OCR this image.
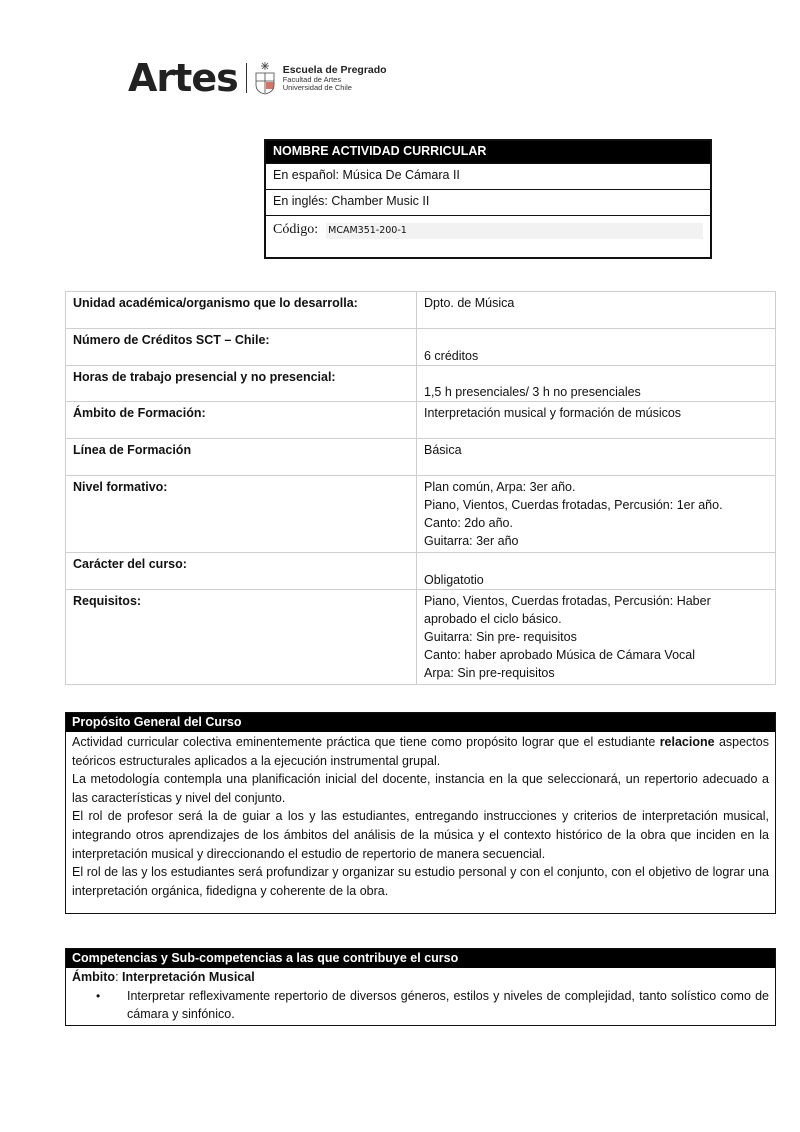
Artes	Escuela de Pregrado
Facultad de Artes
Universidad de Chile
NOMBRE ACTIVIDAD CURRICULAR
En español: Música De Cámara II
En inglés: Chamber Music II
Código: MCAM351-200-1
Unidad académica/organismo que lo desarrolla:	Dpto. de Música

Número de Créditos SCT – Chile:	6 créditos

Horas de trabajo presencial y no presencial:	1,5 h presenciales/ 3 h no presenciales

Ámbito de Formación:	Interpretación musical y formación de músicos

Línea de Formación	Básica

Nivel formativo:	Plan común, Arpa: 3er año.
Piano, Vientos, Cuerdas frotadas, Percusión: 1er año.
Canto: 2do año.
Guitarra: 3er año

Carácter del curso:	Obligatotio

Requisitos:	Piano, Vientos, Cuerdas frotadas, Percusión: Haber
aprobado el ciclo básico.
Guitarra: Sin pre- requisitos
Canto: haber aprobado Música de Cámara Vocal
Arpa: Sin pre-requisitos
Propósito General del Curso

Actividad curricular colectiva eminentemente práctica que tiene como propósito lograr que el estudiante relacione aspectos teóricos estructurales aplicados a la ejecución instrumental grupal.

La metodología contempla una planificación inicial del docente, instancia en la que seleccionará, un repertorio adecuado a las características y nivel del conjunto.

El rol de profesor será la de guiar a los y las estudiantes, entregando instrucciones y criterios de interpretación musical, integrando otros aprendizajes de los ámbitos del análisis de la música y el contexto histórico de la obra que inciden en la interpretación musical y direccionando el estudio de repertorio de manera secuencial.

El rol de las y los estudiantes será profundizar y organizar su estudio personal y con el conjunto, con el objetivo de lograr una interpretación orgánica, fidedigna y coherente de la obra.

Competencias y Sub-competencias a las que contribuye el curso
Ámbito: Interpretación Musical
•	Interpretar reflexivamente repertorio de diversos géneros, estilos y niveles de complejidad, tanto solístico como de cámara y sinfónico.
